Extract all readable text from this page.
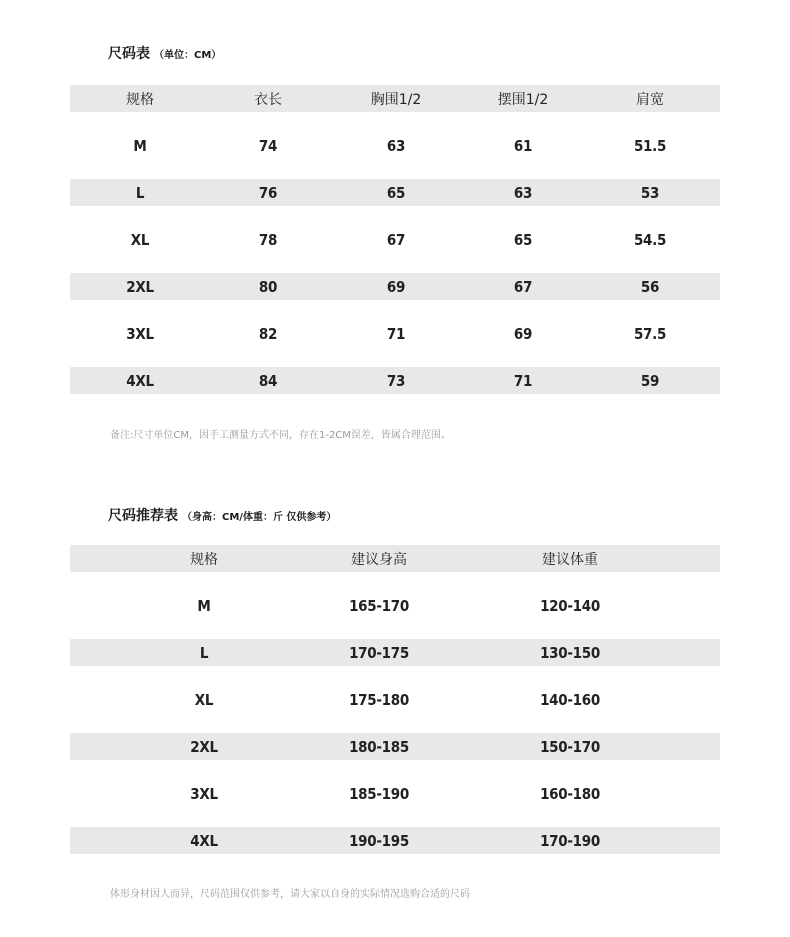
尺码表 （单位：CM）
规格	衣长	胸围1/2	摆围1/2	肩宽
M	74	63	61	51.5
L	76	65	63	53
XL	78	67	65	54.5
2XL	80	69	67	56
3XL	82	71	69	57.5
4XL	84	73	71	59
备注:尺寸单位CM，因手工测量方式不同，存在1-2CM误差，皆属合理范围。
尺码推荐表 （身高：CM/体重：斤 仅供参考）
规格	建议身高	建议体重
M	165-170	120-140
L	170-175	130-150
XL	175-180	140-160
2XL	180-185	150-170
3XL	185-190	160-180
4XL	190-195	170-190
体形身材因人而异，尺码范围仅供参考，请大家以自身的实际情况选购合适的尺码
